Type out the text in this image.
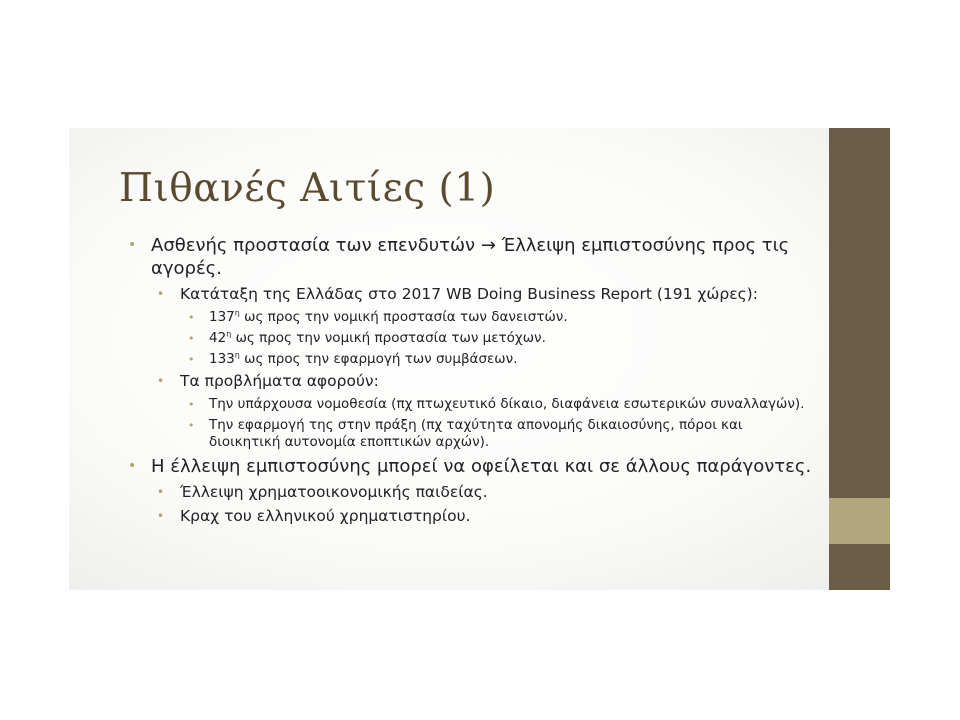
Πιθανές Αιτίες (1)
• Ασθενής προστασία των επενδυτών → Έλλειψη εμπιστοσύνης προς τις αγορές.
• Κατάταξη της Ελλάδας στο 2017 WB Doing Business Report (191 χώρες):
• $137^\eta$ ως προς την νομική προστασία των δανειστών.
• $42^\eta$ ως προς την νομική προστασία των μετόχων.
• $133^\eta$ ως προς την εφαρμογή των συμβάσεων.
• Τα προβλήματα αφορούν:
• Την υπάρχουσα νομοθεσία (πχ πτωχευτικό δίκαιο, διαφάνεια εσωτερικών συναλλαγών).
• Την εφαρμογή της στην πράξη (πχ ταχύτητα απονομής δικαιοσύνης, πόροι και διοικητική αυτονομία εποπτικών αρχών).
• Η έλλειψη εμπιστοσύνης μπορεί να οφείλεται και σε άλλους παράγοντες.
• Έλλειψη χρηματοοικονομικής παιδείας.
• Κραχ του ελληνικού χρηματιστηρίου.
